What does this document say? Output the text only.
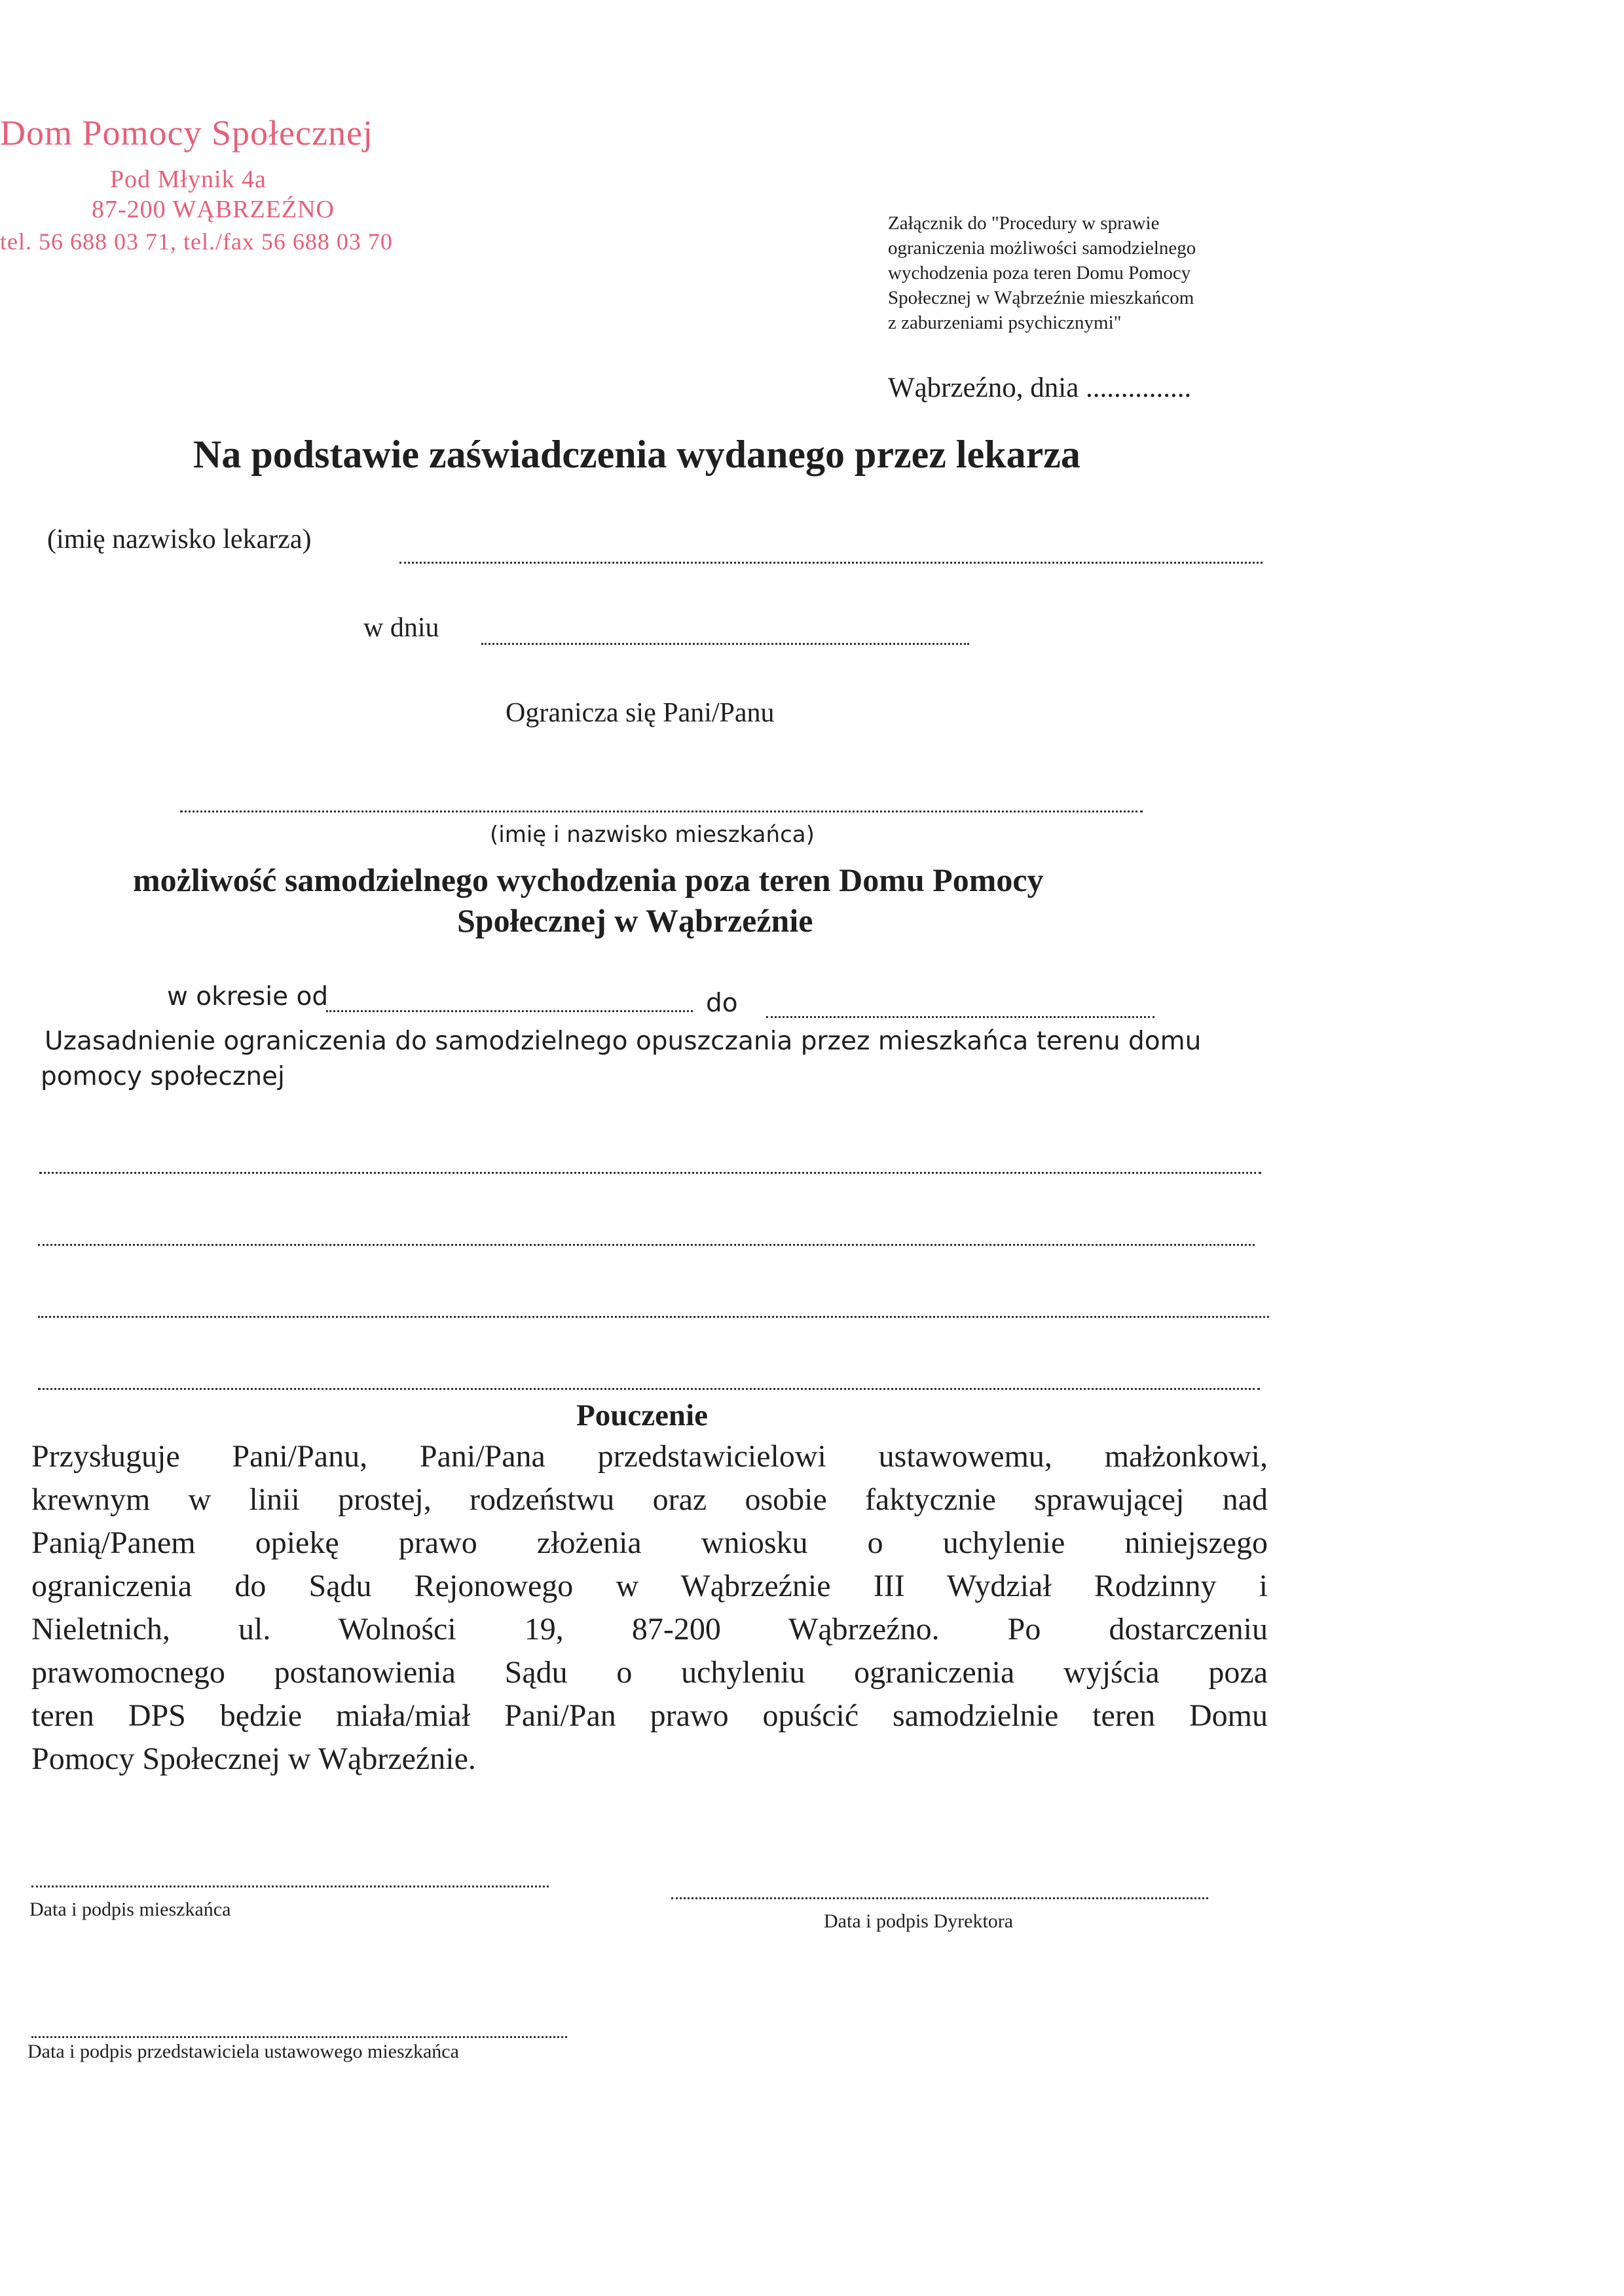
Dom Pomocy Społecznej
Pod Młynik 4a
87-200 WĄBRZEŹNO
tel. 56 688 03 71, tel./fax 56 688 03 70
Załącznik do "Procedury w sprawie
ograniczenia możliwości samodzielnego
wychodzenia poza teren Domu Pomocy
Społecznej w Wąbrzeźnie mieszkańcom
z zaburzeniami psychicznymi"
Wąbrzeźno, dnia ...............
Na podstawie zaświadczenia wydanego przez lekarza
(imię nazwisko lekarza)
w dniu
Ogranicza się Pani/Panu
(imię i nazwisko mieszkańca)
możliwość samodzielnego wychodzenia poza teren Domu Pomocy
Społecznej w Wąbrzeźnie
w okresie od	do
Uzasadnienie ograniczenia do samodzielnego opuszczania przez mieszkańca terenu domu
pomocy społecznej
Pouczenie
Przysługuje Pani/Panu, Pani/Pana przedstawicielowi ustawowemu, małżonkowi,
krewnym w linii prostej, rodzeństwu oraz osobie faktycznie sprawującej nad
Panią/Panem opiekę prawo złożenia wniosku o uchylenie niniejszego
ograniczenia do Sądu Rejonowego w Wąbrzeźnie III Wydział Rodzinny i
Nieletnich, ul. Wolności 19, 87-200 Wąbrzeźno. Po dostarczeniu
prawomocnego postanowienia Sądu o uchyleniu ograniczenia wyjścia poza
teren DPS będzie miała/miał Pani/Pan prawo opuścić samodzielnie teren Domu
Pomocy Społecznej w Wąbrzeźnie.
Data i podpis mieszkańca
Data i podpis Dyrektora
Data i podpis przedstawiciela ustawowego mieszkańca
